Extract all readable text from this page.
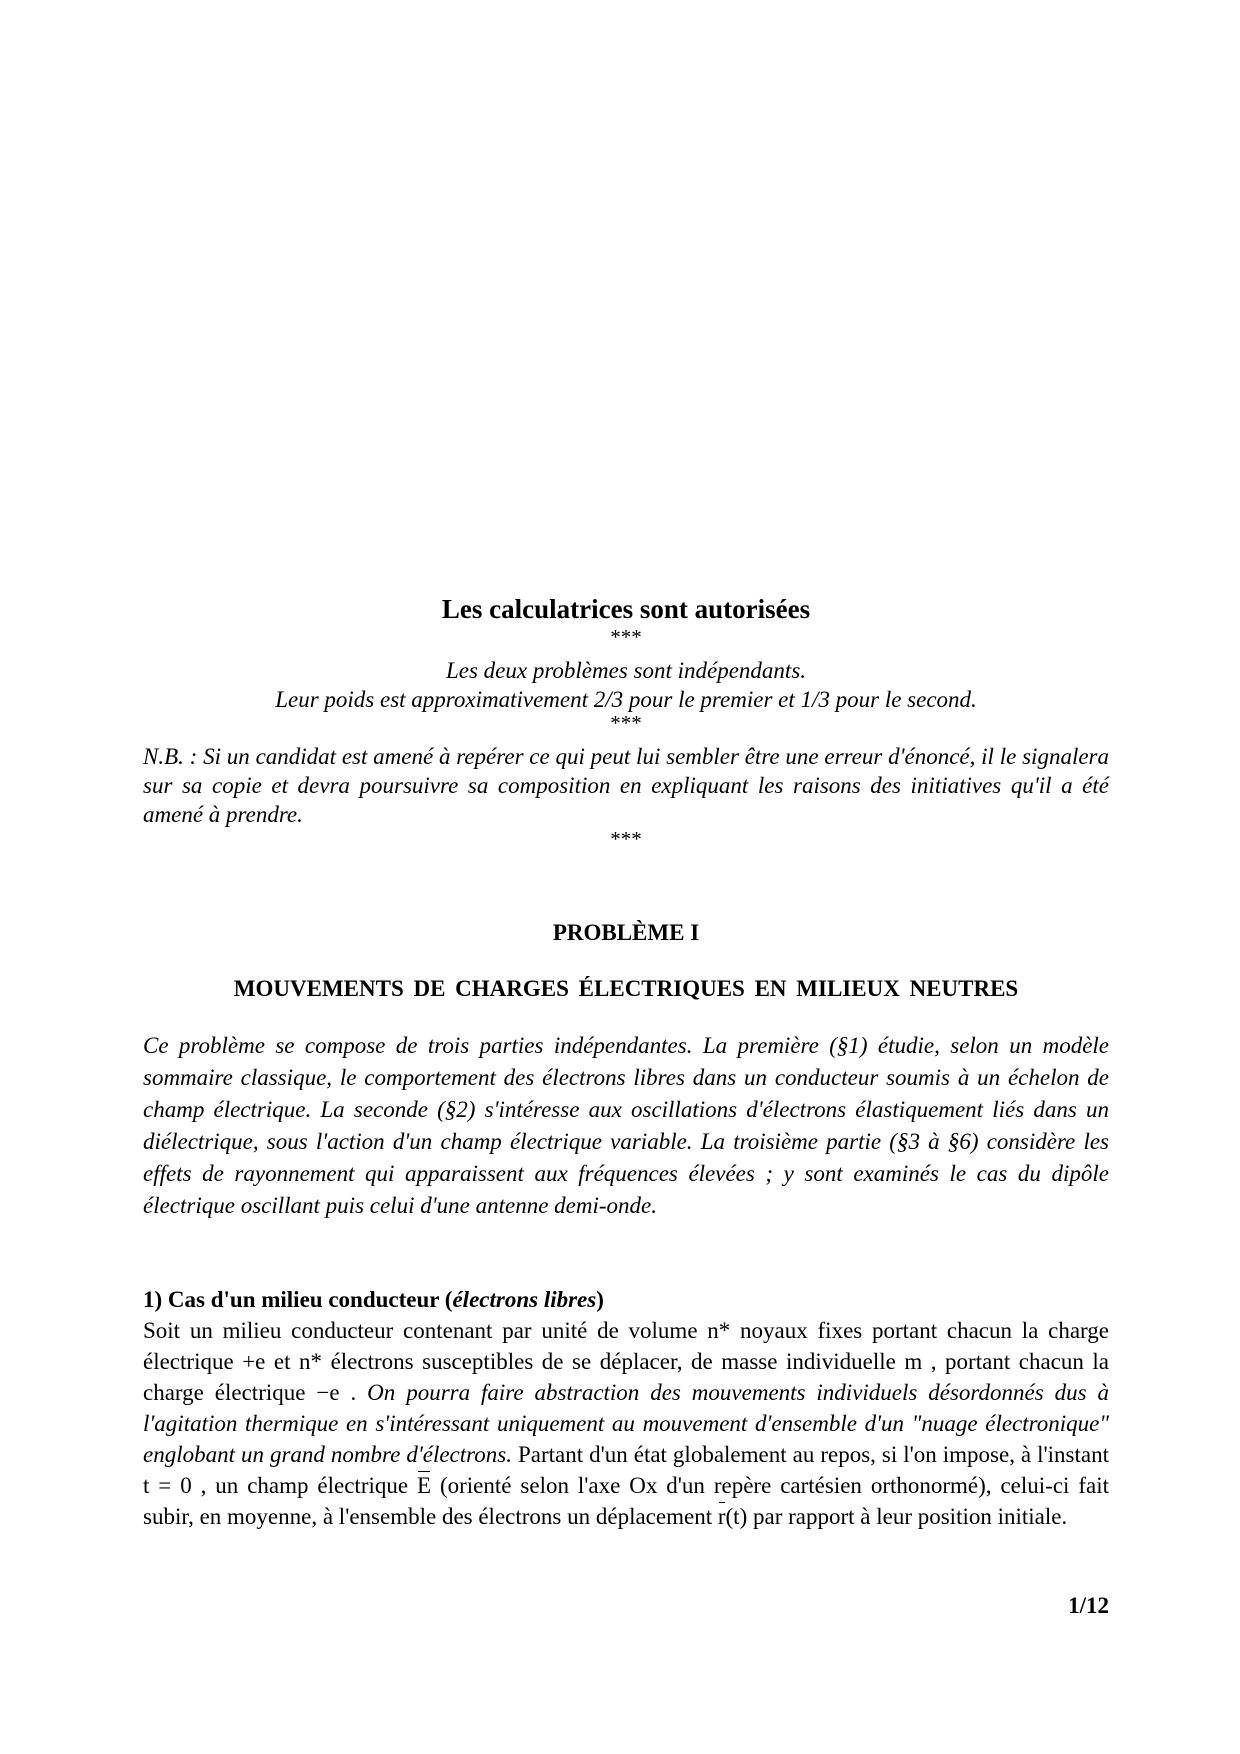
Les calculatrices sont autorisées
***
Les deux problèmes sont indépendants.
Leur poids est approximativement 2/3 pour le premier et 1/3 pour le second.
***
N.B. : Si un candidat est amené à repérer ce qui peut lui sembler être une erreur d'énoncé, il le signalera sur sa copie et devra poursuivre sa composition en expliquant les raisons des initiatives qu'il a été amené à prendre.
***
PROBLÈME I
MOUVEMENTS DE CHARGES ÉLECTRIQUES EN MILIEUX NEUTRES
Ce problème se compose de trois parties indépendantes. La première (§1) étudie, selon un modèle sommaire classique, le comportement des électrons libres dans un conducteur soumis à un échelon de champ électrique. La seconde (§2) s'intéresse aux oscillations d'électrons élastiquement liés dans un diélectrique, sous l'action d'un champ électrique variable. La troisième partie (§3 à §6) considère les effets de rayonnement qui apparaissent aux fréquences élevées ; y sont examinés le cas du dipôle électrique oscillant puis celui d'une antenne demi-onde.
1) Cas d'un milieu conducteur (électrons libres)
Soit un milieu conducteur contenant par unité de volume n* noyaux fixes portant chacun la charge électrique +e et n* électrons susceptibles de se déplacer, de masse individuelle m , portant chacun la charge électrique −e . On pourra faire abstraction des mouvements individuels désordonnés dus à l'agitation thermique en s'intéressant uniquement au mouvement d'ensemble d'un "nuage électronique" englobant un grand nombre d'électrons. Partant d'un état globalement au repos, si l'on impose, à l'instant t = 0 , un champ électrique E (orienté selon l'axe Ox d'un repère cartésien orthonormé), celui-ci fait subir, en moyenne, à l'ensemble des électrons un déplacement r(t) par rapport à leur position initiale.
1/12
